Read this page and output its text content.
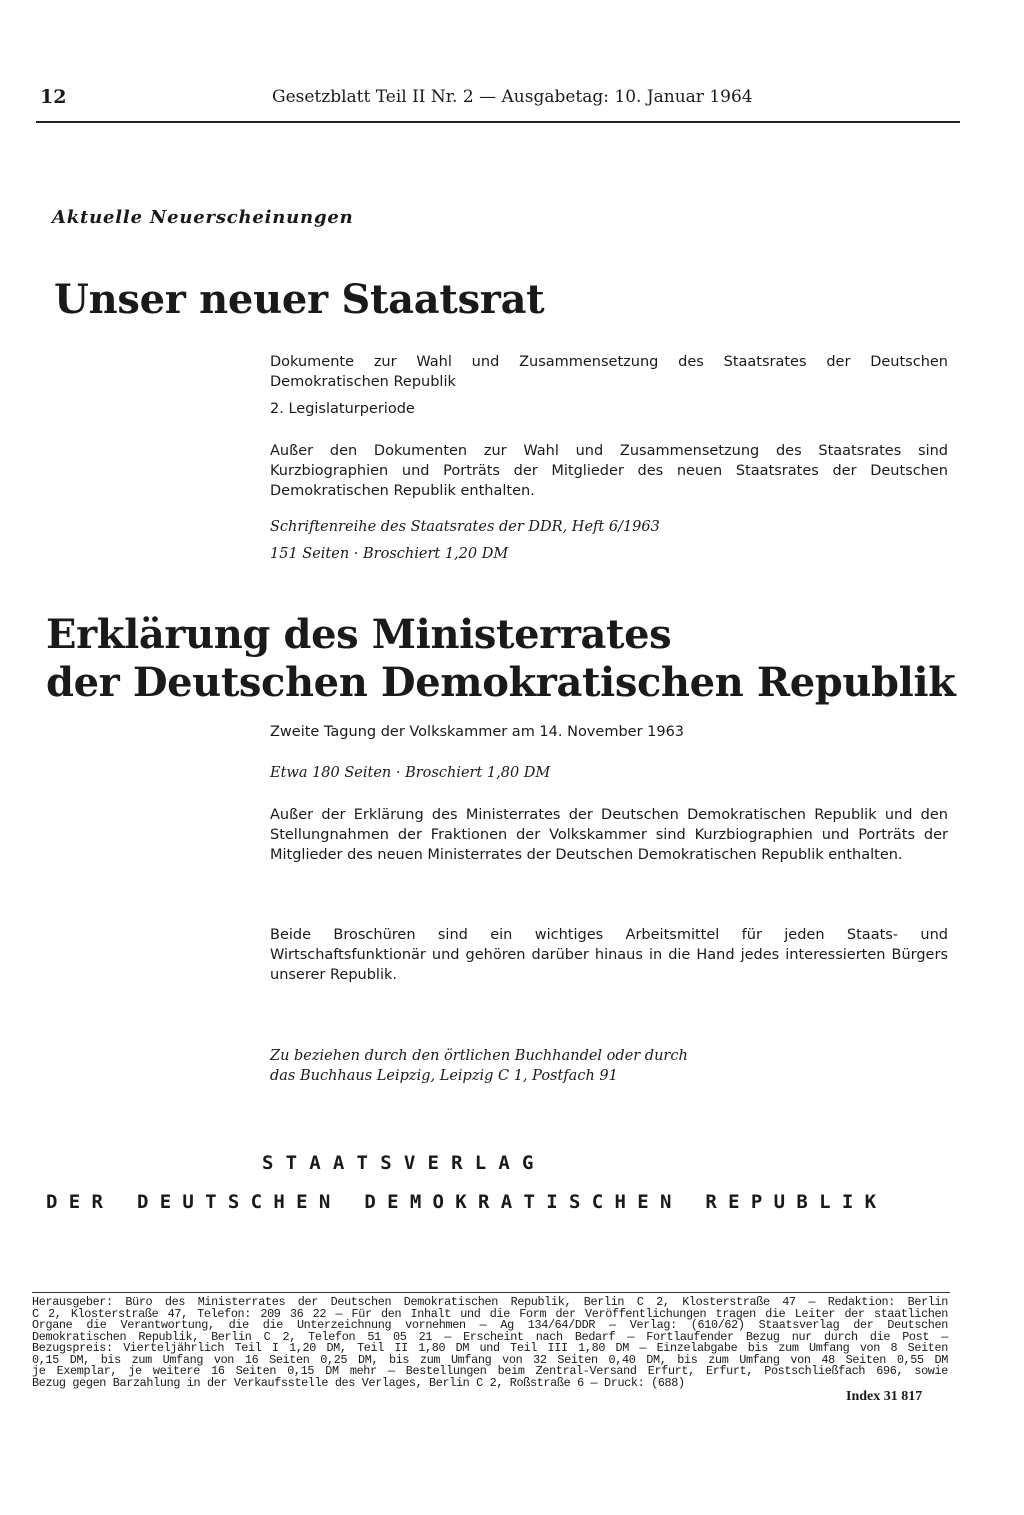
12	Gesetzblatt Teil II Nr. 2 — Ausgabetag: 10. Januar 1964
Aktuelle Neuerscheinungen
Unser neuer Staatsrat
Dokumente zur Wahl und Zusammensetzung des Staatsrates der Deutschen Demokratischen Republik
2. Legislaturperiode
Außer den Dokumenten zur Wahl und Zusammensetzung des Staatsrates sind Kurzbiographien und Porträts der Mitglieder des neuen Staatsrates der Deutschen Demokratischen Republik enthalten.
Schriftenreihe des Staatsrates der DDR, Heft 6/1963
151 Seiten · Broschiert 1,20 DM
Erklärung des Ministerrates
der Deutschen Demokratischen Republik
Zweite Tagung der Volkskammer am 14. November 1963
Etwa 180 Seiten · Broschiert 1,80 DM
Außer der Erklärung des Ministerrates der Deutschen Demokratischen Republik und den Stellungnahmen der Fraktionen der Volkskammer sind Kurzbiographien und Porträts der Mitglieder des neuen Ministerrates der Deutschen Demokratischen Republik enthalten.
Beide Broschüren sind ein wichtiges Arbeitsmittel für jeden Staats- und Wirtschaftsfunktionär und gehören darüber hinaus in die Hand jedes interessierten Bürgers unserer Republik.
Zu beziehen durch den örtlichen Buchhandel oder durch
das Buchhaus Leipzig, Leipzig C 1, Postfach 91
STAATSVERLAG
DER DEUTSCHEN DEMOKRATISCHEN REPUBLIK
Herausgeber: Büro des Ministerrates der Deutschen Demokratischen Republik, Berlin C 2, Klosterstraße 47 — Redaktion: Berlin
C 2, Klosterstraße 47, Telefon: 209 36 22 — Für den Inhalt und die Form der Veröffentlichungen tragen die Leiter der staatlichen
Organe die Verantwortung, die die Unterzeichnung vornehmen — Ag 134/64/DDR — Verlag: (610/62) Staatsverlag der Deutschen
Demokratischen Republik, Berlin C 2, Telefon 51 05 21 — Erscheint nach Bedarf — Fortlaufender Bezug nur durch die Post —
Bezugspreis: Vierteljährlich Teil I 1,20 DM, Teil II 1,80 DM und Teil III 1,80 DM — Einzelabgabe bis zum Umfang von 8 Seiten
0,15 DM, bis zum Umfang von 16 Seiten 0,25 DM, bis zum Umfang von 32 Seiten 0,40 DM, bis zum Umfang von 48 Seiten 0,55 DM
je Exemplar, je weitere 16 Seiten 0,15 DM mehr — Bestellungen beim Zentral-Versand Erfurt, Erfurt, Postschließfach 696, sowie
Bezug gegen Barzahlung in der Verkaufsstelle des Verlages, Berlin C 2, Roßstraße 6 — Druck: (688)
Index 31 817
